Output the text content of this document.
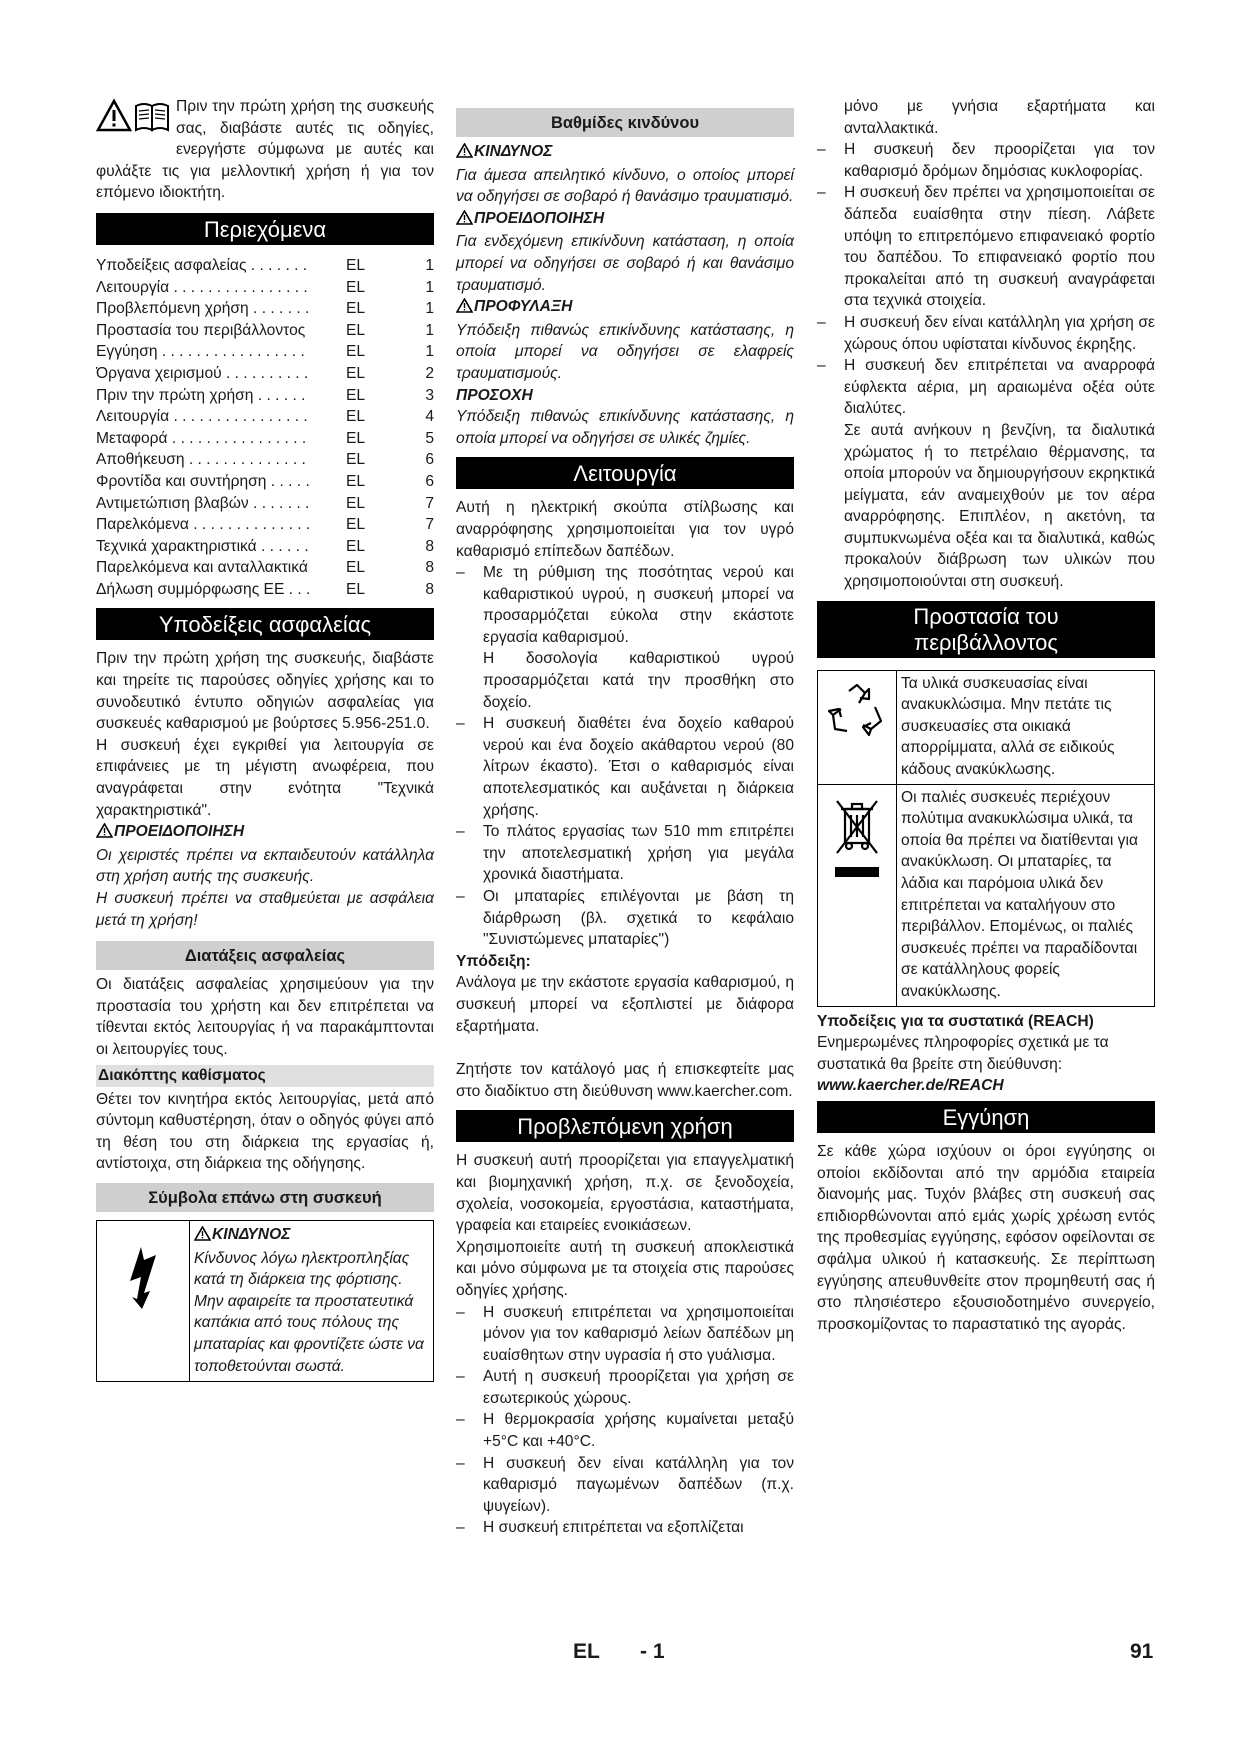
Πριν την πρώτη χρήση της συσκευής σας, διαβάστε αυτές τις οδηγίες, ενεργήστε σύμφωνα με αυτές και φυλάξτε τις για μελλοντική χρήση ή για τον επόμενο ιδιοκτήτη.

Περιεχόμενα
Υποδείξεις ασφαλείας . . . . . . .	EL	1
Λειτουργία . . . . . . . . . . . . . . . .	EL	1
Προβλεπόμενη χρήση . . . . . . .	EL	1
Προστασία του περιβάλλοντος	EL	1
Εγγύηση . . . . . . . . . . . . . . . . .	EL	1
Όργανα χειρισμού . . . . . . . . . .	EL	2
Πριν την πρώτη χρήση . . . . . .	EL	3
Λειτουργία . . . . . . . . . . . . . . . .	EL	4
Μεταφορά . . . . . . . . . . . . . . . .	EL	5
Αποθήκευση . . . . . . . . . . . . . .	EL	6
Φροντίδα και συντήρηση . . . . .	EL	6
Αντιμετώπιση βλαβών . . . . . . .	EL	7
Παρελκόμενα . . . . . . . . . . . . . .	EL	7
Τεχνικά χαρακτηριστικά . . . . . .	EL	8
Παρελκόμενα και ανταλλακτικά	EL	8
Δήλωση συμμόρφωσης ΕΕ . . .	EL	8
Υποδείξεις ασφαλείας

Πριν την πρώτη χρήση της συσκευής, διαβάστε και τηρείτε τις παρούσες οδηγίες χρήσης και το συνοδευτικό έντυπο οδηγιών ασφαλείας για συσκευές καθαρισμού με βούρτσες 5.956-251.0.

Η συσκευή έχει εγκριθεί για λειτουργία σε επιφάνειες με τη μέγιστη ανωφέρεια, που αναγράφεται στην ενότητα "Τεχνικά χαρακτηριστικά".

ΠΡΟΕΙΔΟΠΟΙΗΣΗ

Οι χειριστές πρέπει να εκπαιδευτούν κατάλληλα στη χρήση αυτής της συσκευής.

Η συσκευή πρέπει να σταθμεύεται με ασφάλεια μετά τη χρήση!

Διατάξεις ασφαλείας

Οι διατάξεις ασφαλείας χρησιμεύουν για την προστασία του χρήστη και δεν επιτρέπεται να τίθενται εκτός λειτουργίας ή να παρακάμπτονται οι λειτουργίες τους.

Διακόπτης καθίσματος

Θέτει τον κινητήρα εκτός λειτουργίας, μετά από σύντομη καθυστέρηση, όταν ο οδηγός φύγει από τη θέση του στη διάρκεια της εργασίας ή, αντίστοιχα, στη διάρκεια της οδήγησης.

Σύμβολα επάνω στη συσκευή
ΚΙΝΔΥΝΟΣ

Κίνδυνος λόγω ηλεκτροπληξίας κατά τη διάρκεια της φόρτισης. Μην αφαιρείτε τα προστατευτικά καπάκια από τους πόλους της μπαταρίας και φροντίζετε ώστε να τοποθετούνται σωστά.

Βαθμίδες κινδύνου
ΚΙΝΔΥΝΟΣ

Για άμεσα απειλητικό κίνδυνο, ο οποίος μπορεί να οδηγήσει σε σοβαρό ή θανάσιμο τραυματισμό.

ΠΡΟΕΙΔΟΠΟΙΗΣΗ

Για ενδεχόμενη επικίνδυνη κατάσταση, η οποία μπορεί να οδηγήσει σε σοβαρό ή και θανάσιμο τραυματισμό.

ΠΡΟΦΥΛΑΞΗ

Υπόδειξη πιθανώς επικίνδυνης κατάστασης, η οποία μπορεί να οδηγήσει σε ελαφρείς τραυματισμούς.

ΠΡΟΣΟΧΗ

Υπόδειξη πιθανώς επικίνδυνης κατάστασης, η οποία μπορεί να οδηγήσει σε υλικές ζημίες.

Λειτουργία

Αυτή η ηλεκτρική σκούπα στίλβωσης και αναρρόφησης χρησιμοποιείται για τον υγρό καθαρισμό επίπεδων δαπέδων.

–	Με τη ρύθμιση της ποσότητας νερού και καθαριστικού υγρού, η συσκευή μπορεί να προσαρμόζεται εύκολα στην εκάστοτε εργασία καθαρισμού.

Η δοσολογία καθαριστικού υγρού προσαρμόζεται κατά την προσθήκη στο δοχείο.

–	Η συσκευή διαθέτει ένα δοχείο καθαρού νερού και ένα δοχείο ακάθαρτου νερού (80 λίτρων έκαστο). Έτσι ο καθαρισμός είναι αποτελεσματικός και αυξάνεται η διάρκεια χρήσης.
–	Το πλάτος εργασίας των 510 mm επιτρέπει την αποτελεσματική χρήση για μεγάλα χρονικά διαστήματα.
–	Οι μπαταρίες επιλέγονται με βάση τη διάρθρωση (βλ. σχετικά το κεφάλαιο "Συνιστώμενες μπαταρίες")
Υπόδειξη:

Ανάλογα με την εκάστοτε εργασία καθαρισμού, η συσκευή μπορεί να εξοπλιστεί με διάφορα εξαρτήματα.

Ζητήστε τον κατάλογό μας ή επισκεφτείτε μας στο διαδίκτυο στη διεύθυνση www.kaercher.com.

Προβλεπόμενη χρήση

Η συσκευή αυτή προορίζεται για επαγγελματική και βιομηχανική χρήση, π.χ. σε ξενοδοχεία, σχολεία, νοσοκομεία, εργοστάσια, καταστήματα, γραφεία και εταιρείες ενοικιάσεων.

Χρησιμοποιείτε αυτή τη συσκευή αποκλειστικά και μόνο σύμφωνα με τα στοιχεία στις παρούσες οδηγίες χρήσης.

–	Η συσκευή επιτρέπεται να χρησιμοποιείται μόνον για τον καθαρισμό λείων δαπέδων μη ευαίσθητων στην υγρασία ή στο γυάλισμα.
–	Αυτή η συσκευή προορίζεται για χρήση σε εσωτερικούς χώρους.
–	Η θερμοκρασία χρήσης κυμαίνεται μεταξύ +5°C και +40°C.
–	Η συσκευή δεν είναι κατάλληλη για τον καθαρισμό παγωμένων δαπέδων (π.χ. ψυγείων).
–	Η συσκευή επιτρέπεται να εξοπλίζεται

μόνο με γνήσια εξαρτήματα και ανταλλακτικά.

–	Η συσκευή δεν προορίζεται για τον καθαρισμό δρόμων δημόσιας κυκλοφορίας.
–	Η συσκευή δεν πρέπει να χρησιμοποιείται σε δάπεδα ευαίσθητα στην πίεση. Λάβετε υπόψη το επιτρεπόμενο επιφανειακό φορτίο του δαπέδου. Το επιφανειακό φορτίο που προκαλείται από τη συσκευή αναγράφεται στα τεχνικά στοιχεία.
–	Η συσκευή δεν είναι κατάλληλη για χρήση σε χώρους όπου υφίσταται κίνδυνος έκρηξης.
–	Η συσκευή δεν επιτρέπεται να αναρροφά εύφλεκτα αέρια, μη αραιωμένα οξέα ούτε διαλύτες.

Σε αυτά ανήκουν η βενζίνη, τα διαλυτικά χρώματος ή το πετρέλαιο θέρμανσης, τα οποία μπορούν να δημιουργήσουν εκρηκτικά μείγματα, εάν αναμειχθούν με τον αέρα αναρρόφησης. Επιπλέον, η ακετόνη, τα συμπυκνωμένα οξέα και τα διαλυτικά, καθώς προκαλούν διάβρωση των υλικών που χρησιμοποιούνται στη συσκευή.

Προστασία του
περιβάλλοντος
Τα υλικά συσκευασίας είναι ανακυκλώσιμα. Μην πετάτε τις συσκευασίες στα οικιακά απορρίμματα, αλλά σε ειδικούς κάδους ανακύκλωσης.
Οι παλιές συσκευές περιέχουν πολύτιμα ανακυκλώσιμα υλικά, τα οποία θα πρέπει να διατίθενται για ανακύκλωση. Οι μπαταρίες, τα λάδια και παρόμοια υλικά δεν επιτρέπεται να καταλήγουν στο περιβάλλον. Επομένως, οι παλιές συσκευές πρέπει να παραδίδονται σε κατάλληλους φορείς ανακύκλωσης.
Υποδείξεις για τα συστατικά (REACH)

Ενημερωμένες πληροφορίες σχετικά με τα συστατικά θα βρείτε στη διεύθυνση:

www.kaercher.de/REACH
Εγγύηση

Σε κάθε χώρα ισχύουν οι όροι εγγύησης οι οποίοι εκδίδονται από την αρμόδια εταιρεία διανομής μας. Τυχόν βλάβες στη συσκευή σας επιδιορθώνονται από εμάς χωρίς χρέωση εντός της προθεσμίας εγγύησης, εφόσον οφείλονται σε σφάλμα υλικού ή κατασκευής. Σε περίπτωση εγγύησης απευθυνθείτε στον προμηθευτή σας ή στο πλησιέστερο εξουσιοδοτημένο συνεργείο, προσκομίζοντας το παραστατικό της αγοράς.

EL - 1	91
